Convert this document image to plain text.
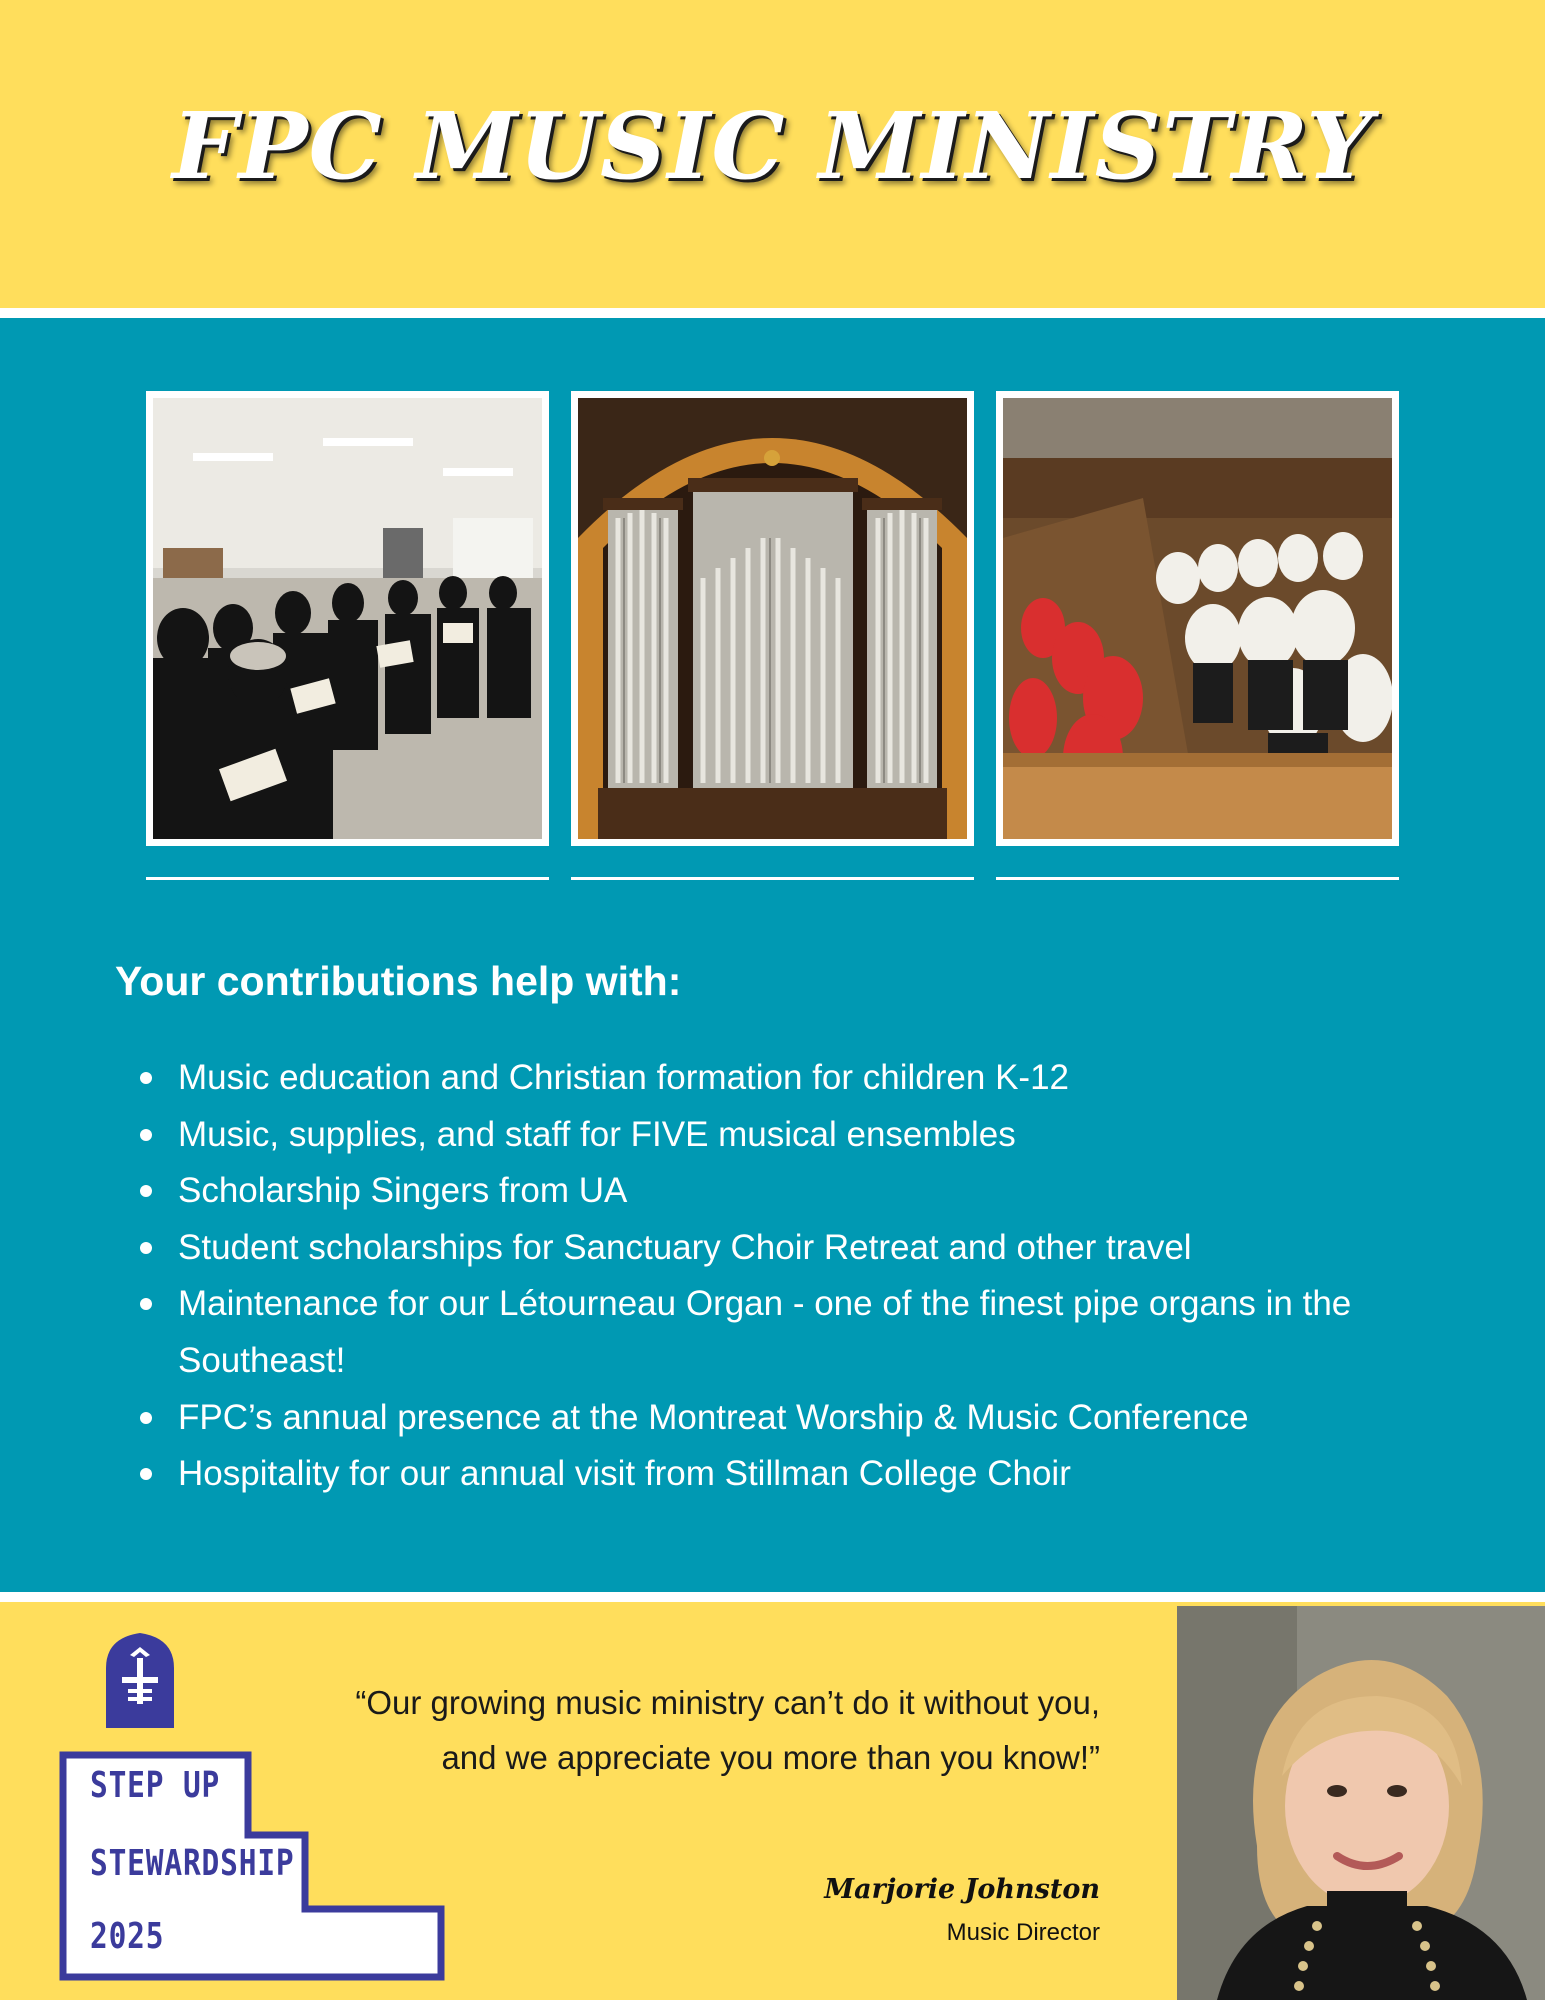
FPC MUSIC MINISTRY
Your contributions help with:
Music education and Christian formation for children K-12
Music, supplies, and staff for FIVE musical ensembles
Scholarship Singers from UA
Student scholarships for Sanctuary Choir Retreat and other travel
Maintenance for our Létourneau Organ - one of the finest pipe organs in the Southeast!
FPC’s annual presence at the Montreat Worship & Music Conference
Hospitality for our annual visit from Stillman College Choir
STEP UP
STEWARDSHIP
2025

“Our growing music ministry can’t do it without you, and we appreciate you more than you know!”

Marjorie Johnston
Music Director
